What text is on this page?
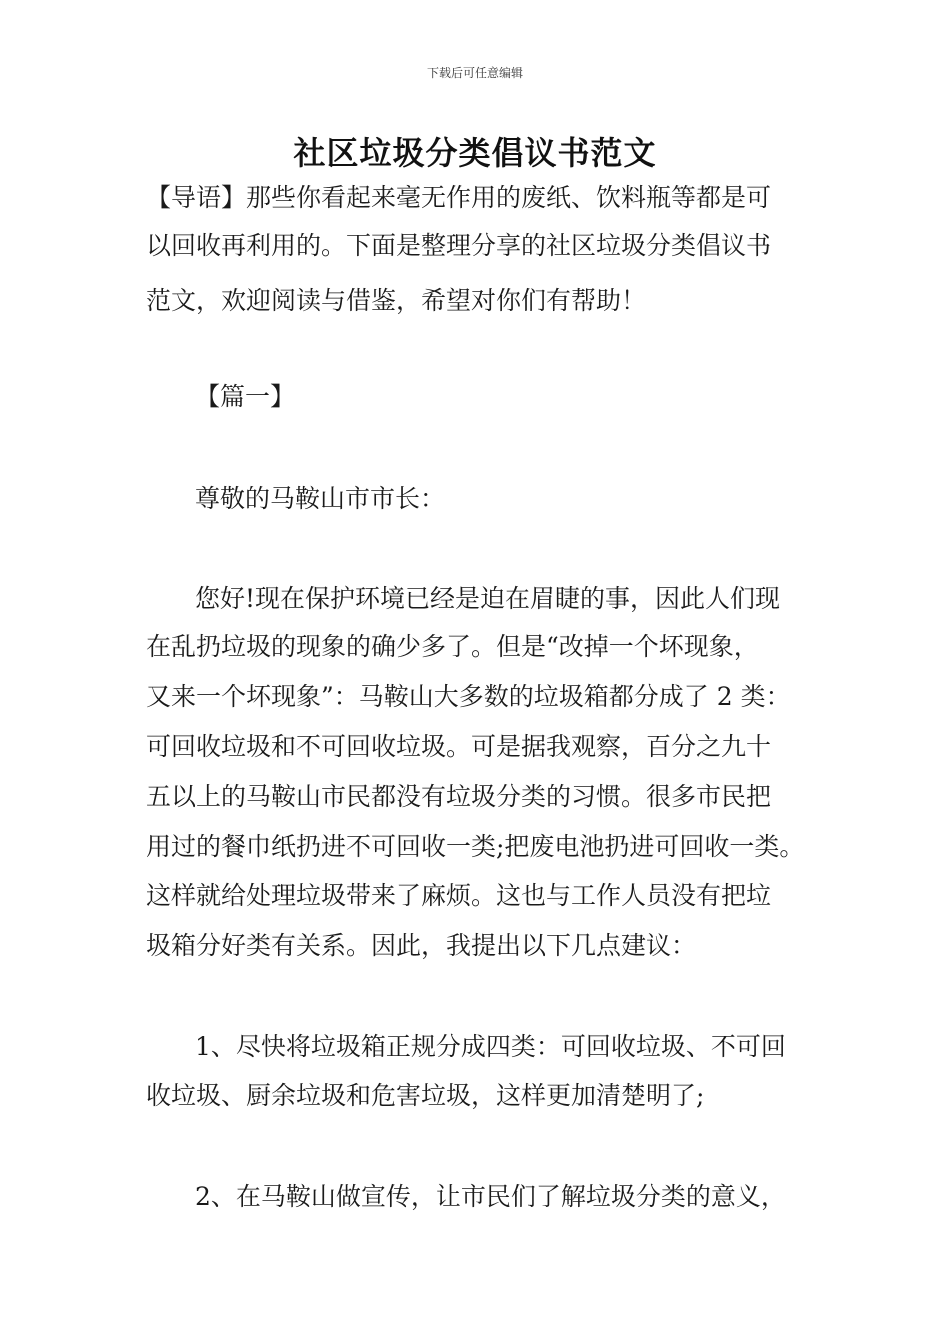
下载后可任意编辑
社区垃圾分类倡议书范文
【导语】那些你看起来毫无作用的废纸、饮料瓶等都是可
以回收再利用的。下面是整理分享的社区垃圾分类倡议书
范文，欢迎阅读与借鉴，希望对你们有帮助！
【篇一】
尊敬的马鞍山市市长：
您好!现在保护环境已经是迫在眉睫的事，因此人们现
在乱扔垃圾的现象的确少多了。但是“改掉一个坏现象，
又来一个坏现象”：马鞍山大多数的垃圾箱都分成了 2 类：
可回收垃圾和不可回收垃圾。可是据我观察，百分之九十
五以上的马鞍山市民都没有垃圾分类的习惯。很多市民把
用过的餐巾纸扔进不可回收一类;把废电池扔进可回收一类。
这样就给处理垃圾带来了麻烦。这也与工作人员没有把垃
圾箱分好类有关系。因此，我提出以下几点建议：
1、尽快将垃圾箱正规分成四类：可回收垃圾、不可回
收垃圾、厨余垃圾和危害垃圾，这样更加清楚明了;
2、在马鞍山做宣传，让市民们了解垃圾分类的意义，
